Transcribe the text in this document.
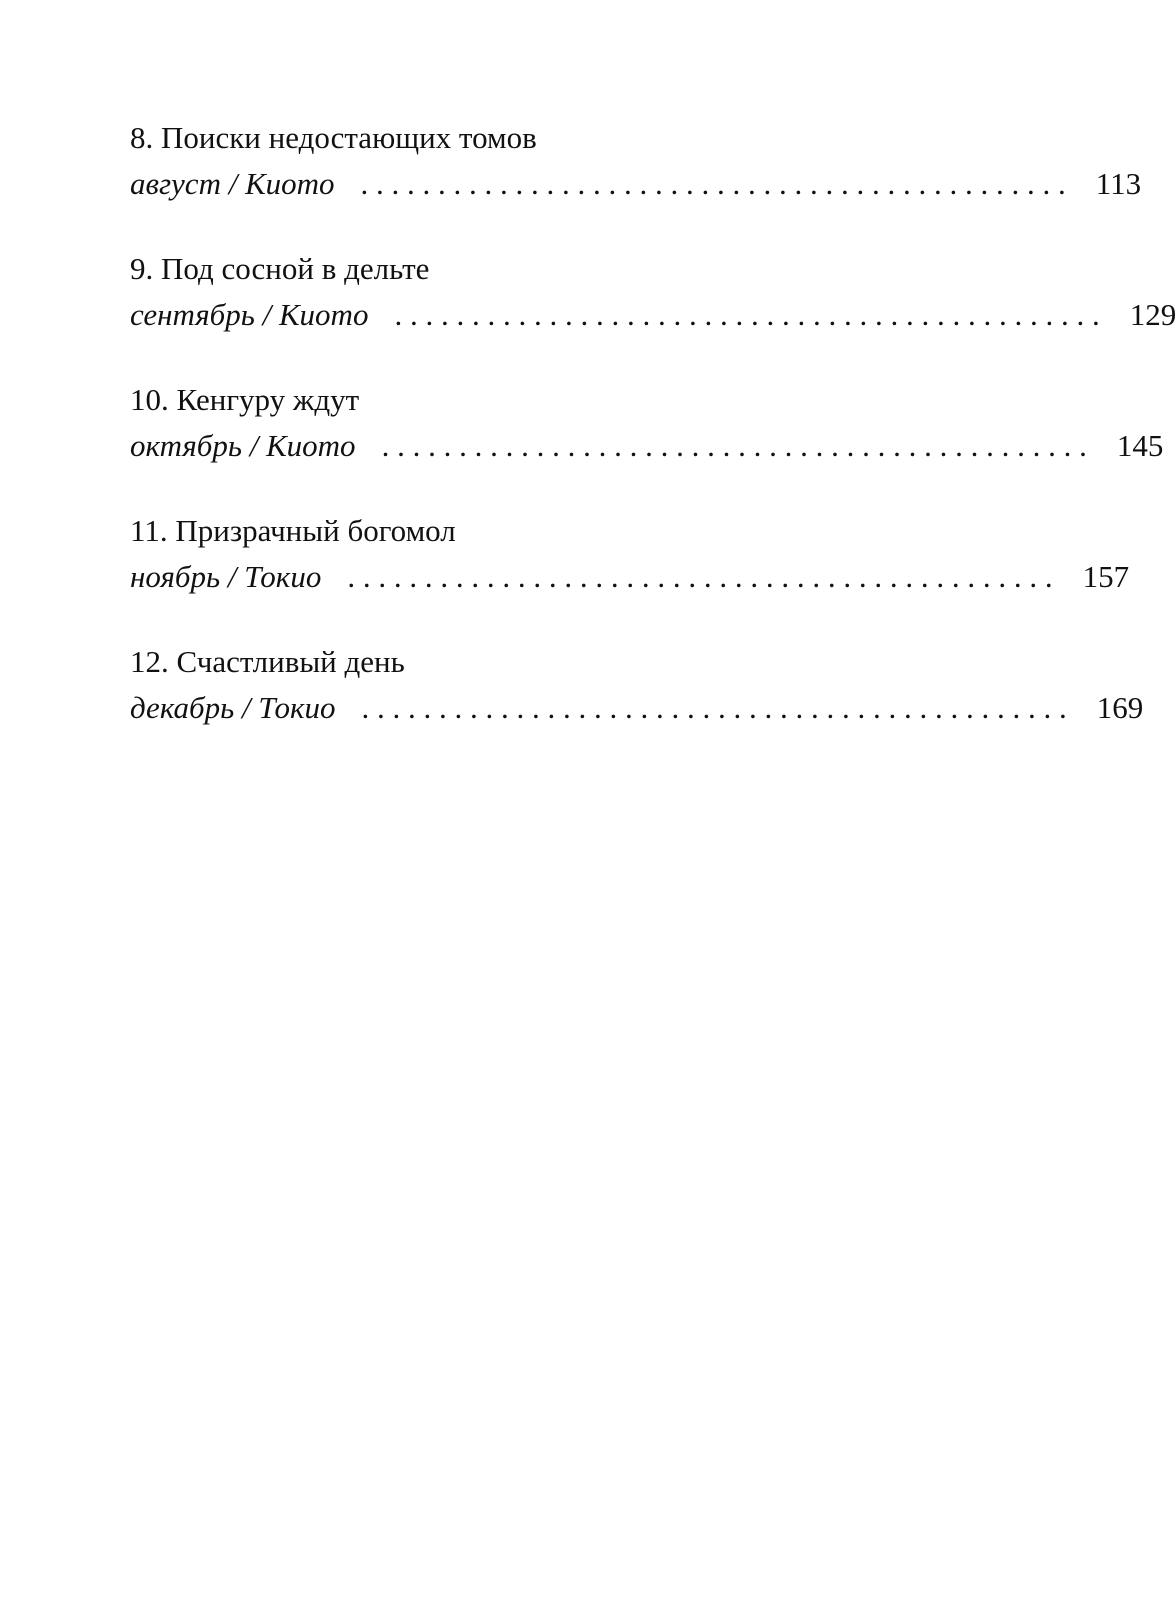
8. Поиски недостающих томов
август / Киото . . . . . . . . . . . . . . . . . . . . . . . . . . . . . . . . . . . . . . . . . . . . . . 113
9. Под сосной в дельте
сентябрь / Киото . . . . . . . . . . . . . . . . . . . . . . . . . . . . . . . . . . . . . . . . . . . . . . 129
10. Кенгуру ждут
октябрь / Киото . . . . . . . . . . . . . . . . . . . . . . . . . . . . . . . . . . . . . . . . . . . . . . 145
11. Призрачный богомол
ноябрь / Токио . . . . . . . . . . . . . . . . . . . . . . . . . . . . . . . . . . . . . . . . . . . . . . 157
12. Счастливый день
декабрь / Токио . . . . . . . . . . . . . . . . . . . . . . . . . . . . . . . . . . . . . . . . . . . . . . 169
